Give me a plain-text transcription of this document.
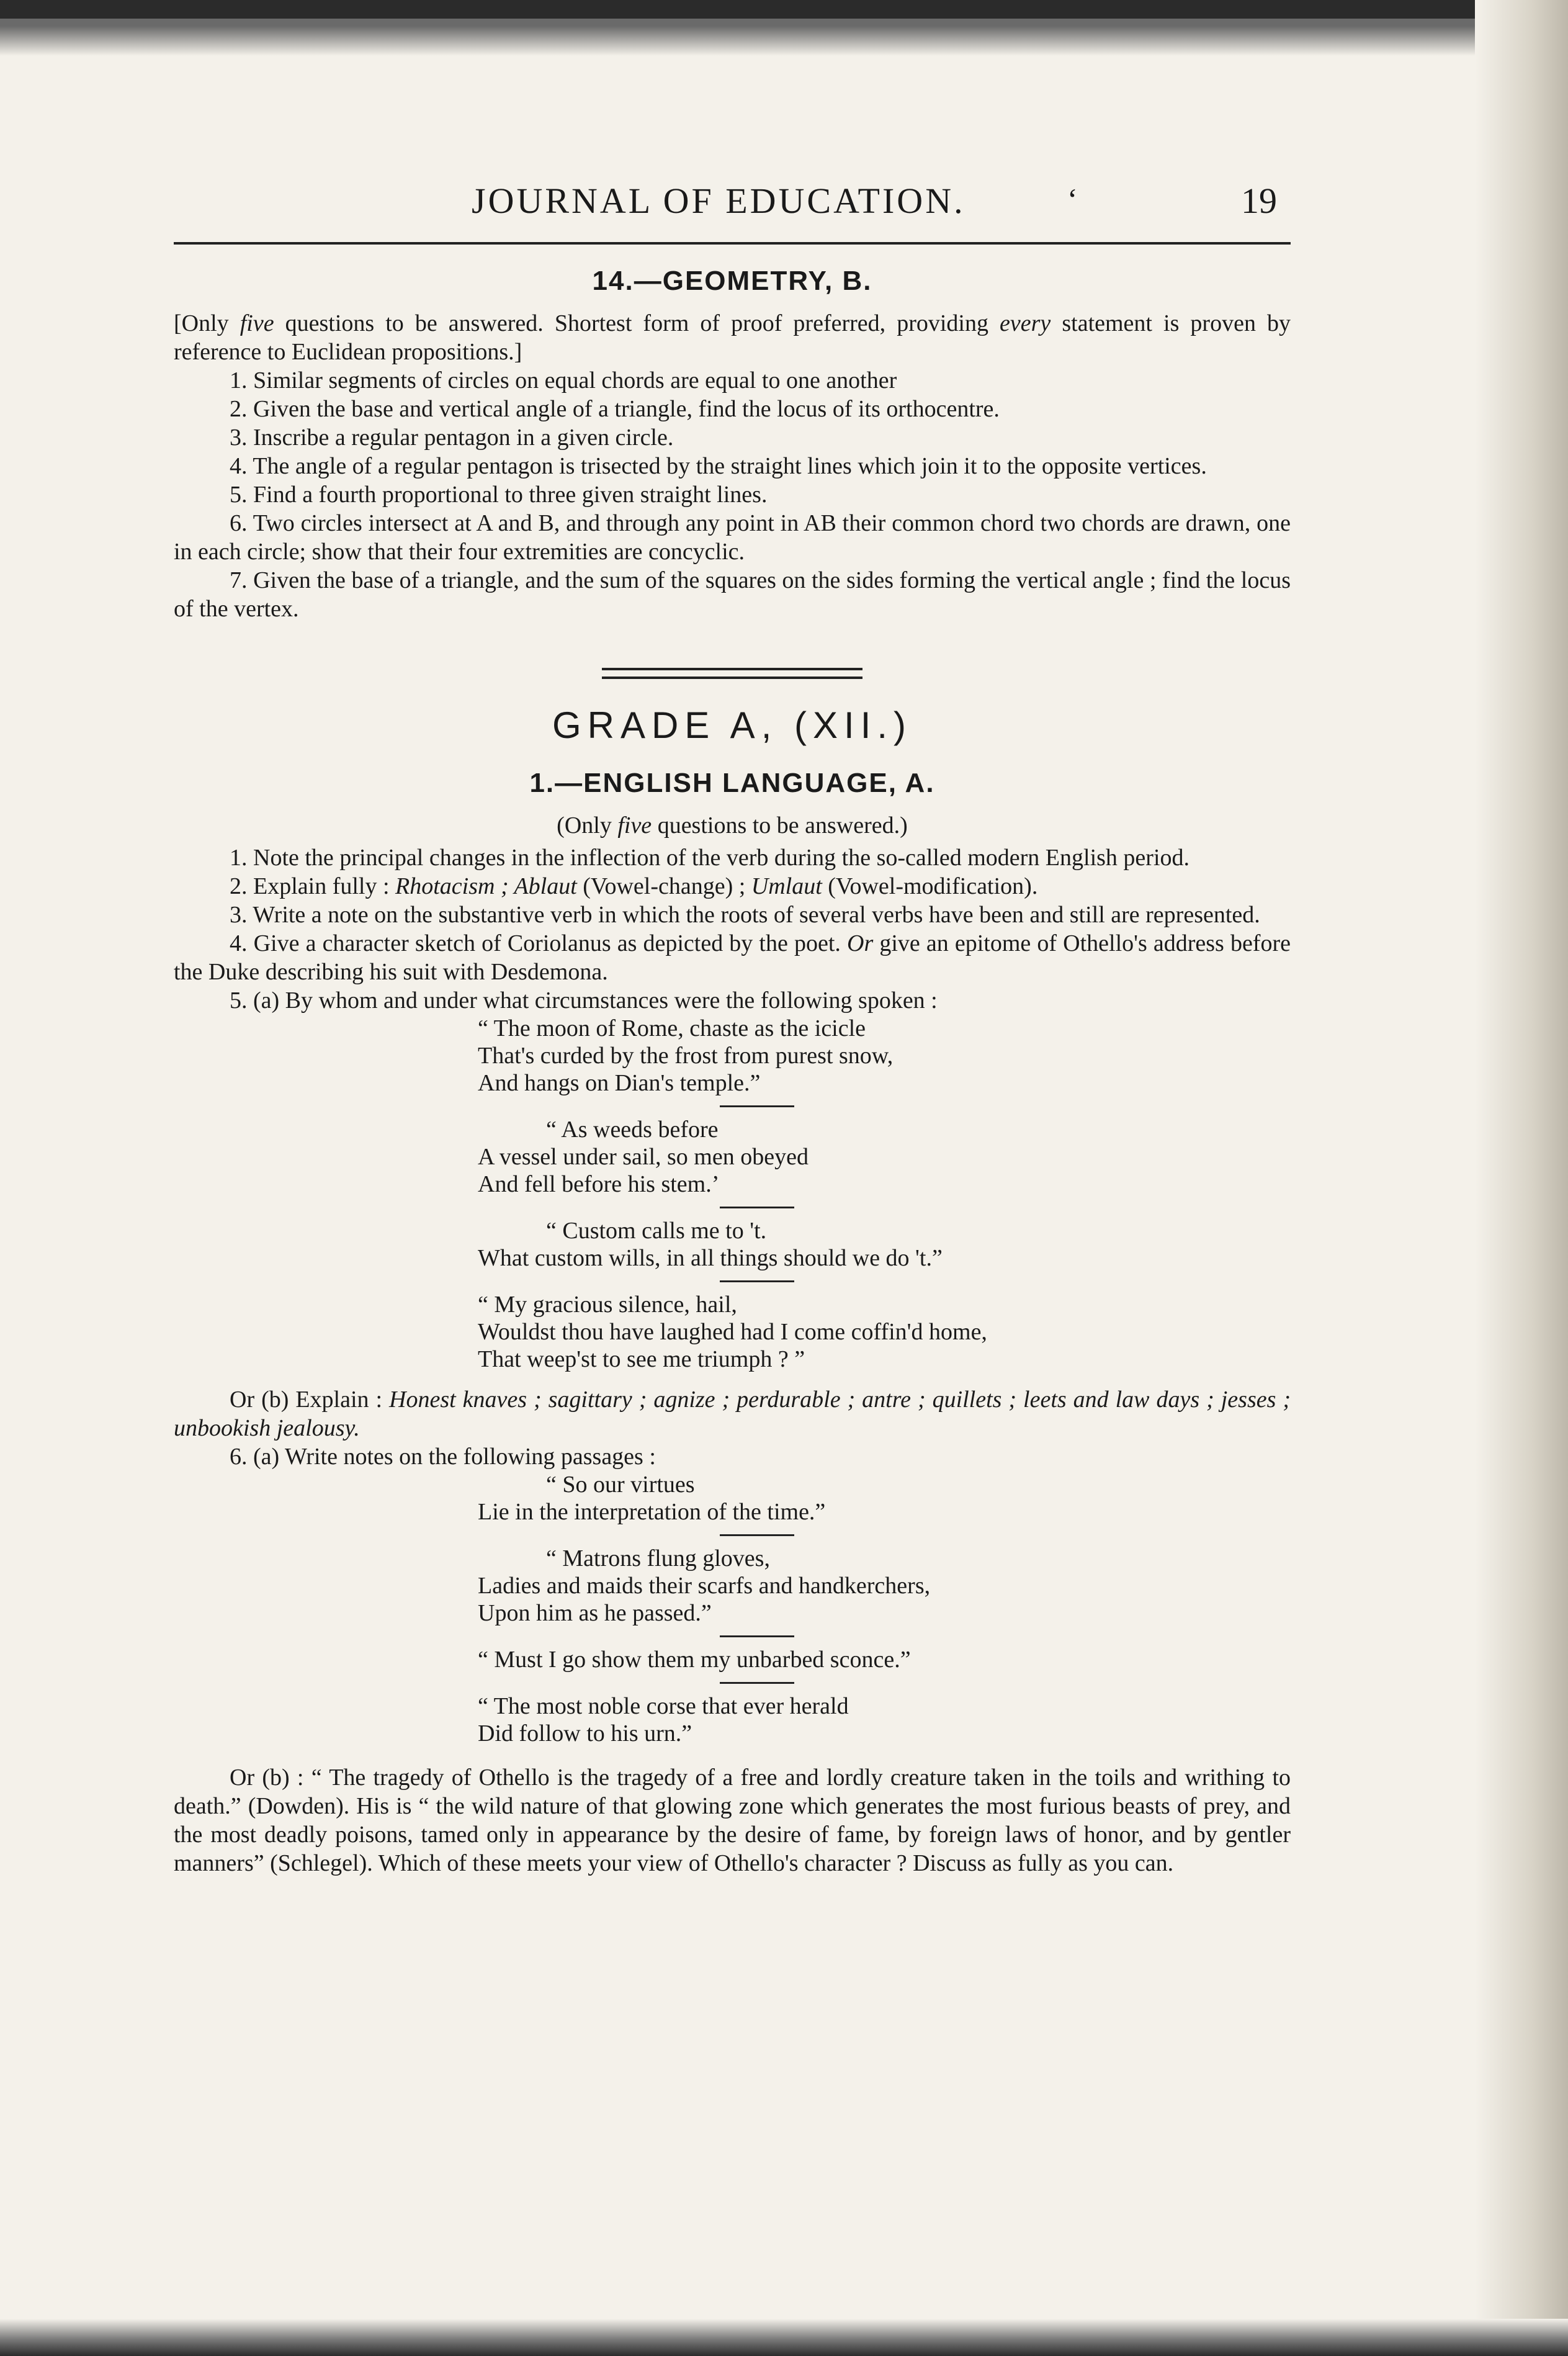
JOURNAL OF EDUCATION.	‘	19
14.—GEOMETRY, B.

[Only five questions to be answered. Shortest form of proof preferred, providing every statement is proven by reference to Euclidean propositions.]

1. Similar segments of circles on equal chords are equal to one another

2. Given the base and vertical angle of a triangle, find the locus of its orthocentre.

3. Inscribe a regular pentagon in a given circle.

4. The angle of a regular pentagon is trisected by the straight lines which join it to the opposite vertices.

5. Find a fourth proportional to three given straight lines.

6. Two circles intersect at A and B, and through any point in AB their common chord two chords are drawn, one in each circle; show that their four extremities are concyclic.

7. Given the base of a triangle, and the sum of the squares on the sides forming the vertical angle ; find the locus of the vertex.

GRADE A, (XII.)
1.—ENGLISH LANGUAGE, A.
(Only five questions to be answered.)

1. Note the principal changes in the inflection of the verb during the so-called modern English period.

2. Explain fully : Rhotacism ; Ablaut (Vowel-change) ; Umlaut (Vowel-modification).

3. Write a note on the substantive verb in which the roots of several verbs have been and still are represented.

4. Give a character sketch of Coriolanus as depicted by the poet. Or give an epitome of Othello's address before the Duke describing his suit with Desdemona.

5. (a) By whom and under what circumstances were the following spoken :

“ The moon of Rome, chaste as the icicle
That's curded by the frost from purest snow,
And hangs on Dian's temple.”
“ As weeds before
A vessel under sail, so men obeyed
And fell before his stem.’
“ Custom calls me to 't.
What custom wills, in all things should we do 't.”
“ My gracious silence, hail,
Wouldst thou have laughed had I come coffin'd home,
That weep'st to see me triumph ? ”

Or (b) Explain : Honest knaves ; sagittary ; agnize ; perdurable ; antre ; quillets ; leets and law days ; jesses ; unbookish jealousy.

6. (a) Write notes on the following passages :

“ So our virtues
Lie in the interpretation of the time.”
“ Matrons flung gloves,
Ladies and maids their scarfs and handkerchers,
Upon him as he passed.”
“ Must I go show them my unbarbed sconce.”
“ The most noble corse that ever herald
Did follow to his urn.”

Or (b) : “ The tragedy of Othello is the tragedy of a free and lordly creature taken in the toils and writhing to death.” (Dowden). His is “ the wild nature of that glowing zone which generates the most furious beasts of prey, and the most deadly poisons, tamed only in appearance by the desire of fame, by foreign laws of honor, and by gentler manners” (Schlegel). Which of these meets your view of Othello's character ? Discuss as fully as you can.
